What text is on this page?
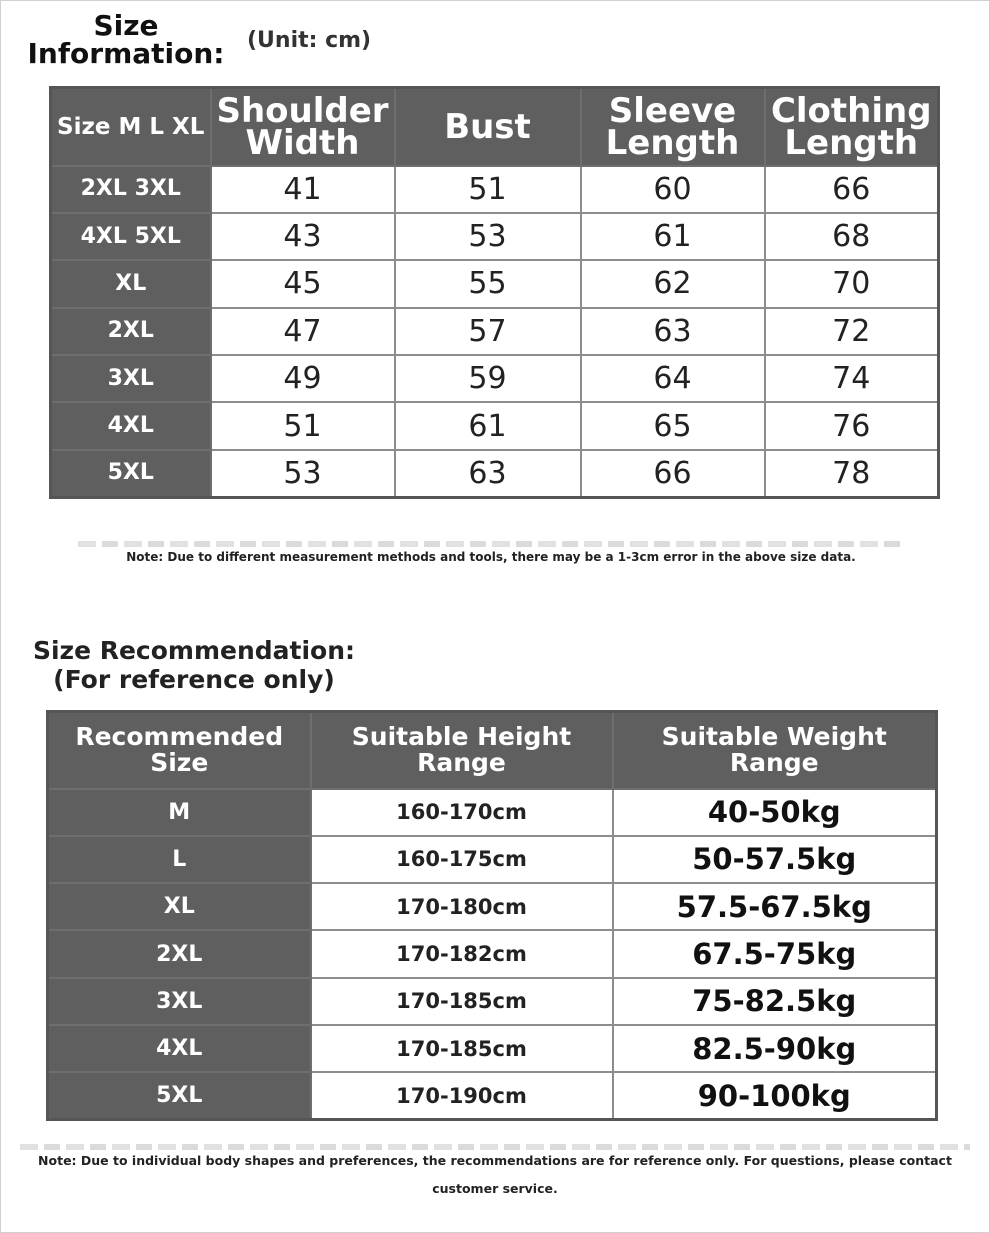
Size Information: (Unit: cm)
Size M L XL	Shoulder Width	Bust	Sleeve Length	Clothing Length
2XL 3XL	41	51	60	66
4XL 5XL	43	53	61	68
XL	45	55	62	70
2XL	47	57	63	72
3XL	49	59	64	74
4XL	51	61	65	76
5XL	53	63	66	78
Note: Due to different measurement methods and tools, there may be a 1-3cm error in the above size data.
Size Recommendation: (For reference only)
Recommended Size	Suitable Height Range	Suitable Weight Range
M	160-170cm	40-50kg
L	160-175cm	50-57.5kg
XL	170-180cm	57.5-67.5kg
2XL	170-182cm	67.5-75kg
3XL	170-185cm	75-82.5kg
4XL	170-185cm	82.5-90kg
5XL	170-190cm	90-100kg
Note: Due to individual body shapes and preferences, the recommendations are for reference only. For questions, please contact customer service.
